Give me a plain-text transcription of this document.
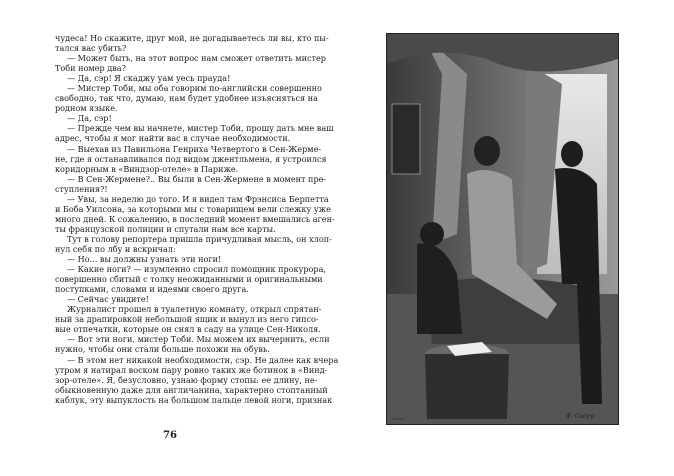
чудеса! Но скажите, друг мой, не догадываетесь ли вы, кто пы-
тался вас убить?
— Может быть, на этот вопрос нам сможет ответить мистер
Тоби номер два?
— Да, сэр! Я скаджу уам уесь прауда!
— Мистер Тоби, мы оба говорим по-английски совершенно
свободно, так что, думаю, нам будет удобнее изъясняться на
родном языке.
— Да, сэр!
— Прежде чем вы начнете, мистер Тоби, прошу дать мне ваш
адрес, чтобы я мог найти вас в случае необходимости.
— Выехав из Павильона Генриха Четвертого в Сен-Жерме-
не, где я останавливался под видом джентльмена, я устроился
коридорным в «Виндзор-отеле» в Париже.
— В Сен-Жермене?.. Вы были в Сен-Жермене в момент пре-
ступления?!
— Увы, за неделю до того. И я видел там Фрэнсиса Берпетта
и Боба Уилсона, за которыми мы с товарищем вели слежку уже
много дней. К сожалению, в последний момент вмешались аген-
ты французской полиции и спутали нам все карты.
Тут в голову репортера пришла причудливая мысль, он хлоп-
нул себя по лбу и вскричал:
— Но... вы должны узнать эти ноги!
— Какие ноги? — изумленно спросил помощник прокурора,
совершенно сбитый с толку неожиданными и оригинальными
поступками, словами и идеями своего друга.
— Сейчас увидите!
Журналист прошел в туалетную комнату, открыл спрятан-
ный за драпировкой небольшой ящик и вынул из него гипсо-
вые отпечатки, которые он снял в саду на улице Сен-Николя.
— Вот эти ноги, мистер Тоби. Мы можем их вычернить, если
нужно, чтобы они стали больше похожи на обувь.
— В этом нет никакой необходимости, сэр. Не далее как вчера
утром я натирал воском пару ровно таких же ботинок в «Винд-
зор-отеле». Я, безусловно, узнаю форму стопы: ее длину, не-
обыкновенную даже для англичанина, характерно стоптанный
каблук, эту выпуклость на большом пальце левой ноги, признак
76
Gravure	Ф. Садер
